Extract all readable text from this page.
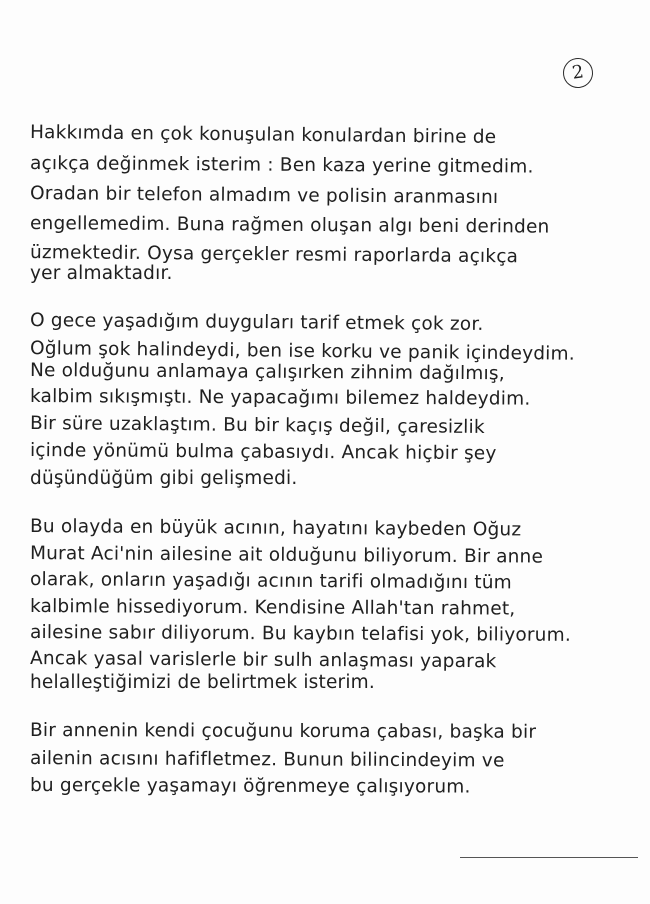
2
Hakkımda en çok konuşulan konulardan birine de
açıkça değinmek isterim : Ben kaza yerine gitmedim.
Oradan bir telefon almadım ve polisin aranmasını
engellemedim. Buna rağmen oluşan algı beni derinden
üzmektedir. Oysa gerçekler resmi raporlarda açıkça
yer almaktadır.
O gece yaşadığım duyguları tarif etmek çok zor.
Oğlum şok halindeydi, ben ise korku ve panik içindeydim.
Ne olduğunu anlamaya çalışırken zihnim dağılmış,
kalbim sıkışmıştı. Ne yapacağımı bilemez haldeydim.
Bir süre uzaklaştım. Bu bir kaçış değil, çaresizlik
içinde yönümü bulma çabasıydı. Ancak hiçbir şey
düşündüğüm gibi gelişmedi.
Bu olayda en büyük acının, hayatını kaybeden Oğuz
Murat Aci'nin ailesine ait olduğunu biliyorum. Bir anne
olarak, onların yaşadığı acının tarifi olmadığını tüm
kalbimle hissediyorum. Kendisine Allah'tan rahmet,
ailesine sabır diliyorum. Bu kaybın telafisi yok, biliyorum.
Ancak yasal varislerle bir sulh anlaşması yaparak
helalleştiğimizi de belirtmek isterim.
Bir annenin kendi çocuğunu koruma çabası, başka bir
ailenin acısını hafifletmez. Bunun bilincindeyim ve
bu gerçekle yaşamayı öğrenmeye çalışıyorum.
